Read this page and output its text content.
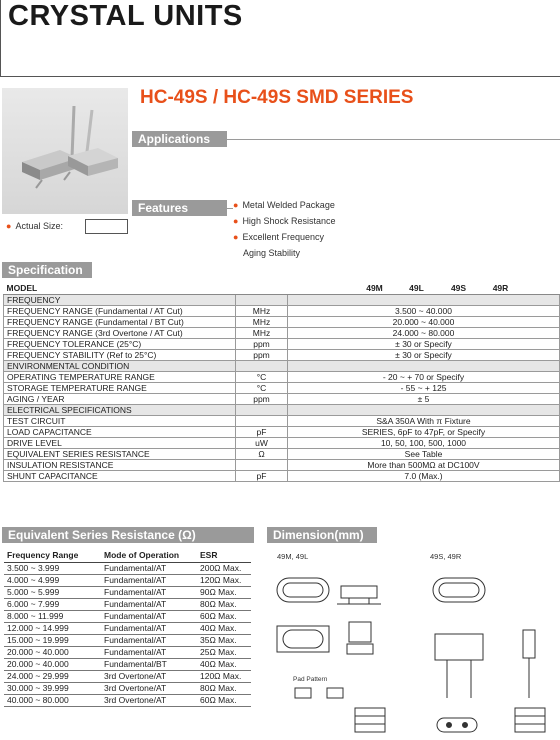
CRYSTAL UNITS
HC-49S / HC-49S SMD SERIES
Applications
Features	● Metal Welded Package
● High Shock Resistance
● Excellent Frequency
Aging Stability
● Actual Size:
Specification
MODEL		49M 49L 49S 49R
FREQUENCY		
FREQUENCY RANGE (Fundamental / AT Cut)	MHz	3.500 ~ 40.000
FREQUENCY RANGE (Fundamental / BT Cut)	MHz	20.000 ~ 40.000
FREQUENCY RANGE (3rd Overtone / AT Cut)	MHz	24.000 ~ 80.000
FREQUENCY TOLERANCE (25°C)	ppm	± 30 or Specify
FREQUENCY STABILITY (Ref to 25°C)	ppm	± 30 or Specify
ENVIRONMENTAL CONDITION		
OPERATING TEMPERATURE RANGE	°C	- 20 ~ + 70 or Specify
STORAGE TEMPERATURE RANGE	°C	- 55 ~ + 125
AGING / YEAR	ppm	± 5
ELECTRICAL SPECIFICATIONS		
TEST CIRCUIT		S&A 350A With π Fixture
LOAD CAPACITANCE	pF	SERIES, 6pF to 47pF, or Specify
DRIVE LEVEL	uW	10, 50, 100, 500, 1000
EQUIVALENT SERIES RESISTANCE	Ω	See Table
INSULATION RESISTANCE		More than 500MΩ at DC100V
SHUNT CAPACITANCE	pF	7.0 (Max.)
Equivalent Series Resistance (Ω)	Dimension(mm)
Frequency Range	Mode of Operation	ESR
3.500 ~ 3.999	Fundamental/AT	200Ω Max.
4.000 ~ 4.999	Fundamental/AT	120Ω Max.
5.000 ~ 5.999	Fundamental/AT	90Ω Max.
6.000 ~ 7.999	Fundamental/AT	80Ω Max.
8.000 ~ 11.999	Fundamental/AT	60Ω Max.
12.000 ~ 14.999	Fundamental/AT	40Ω Max.
15.000 ~ 19.999	Fundamental/AT	35Ω Max.
20.000 ~ 40.000	Fundamental/AT	25Ω Max.
20.000 ~ 40.000	Fundamental/BT	40Ω Max.
24.000 ~ 29.999	3rd Overtone/AT	120Ω Max.
30.000 ~ 39.999	3rd Overtone/AT	80Ω Max.
40.000 ~ 80.000	3rd Overtone/AT	60Ω Max.
49M, 49L	49S, 49R
Pad Pattern
